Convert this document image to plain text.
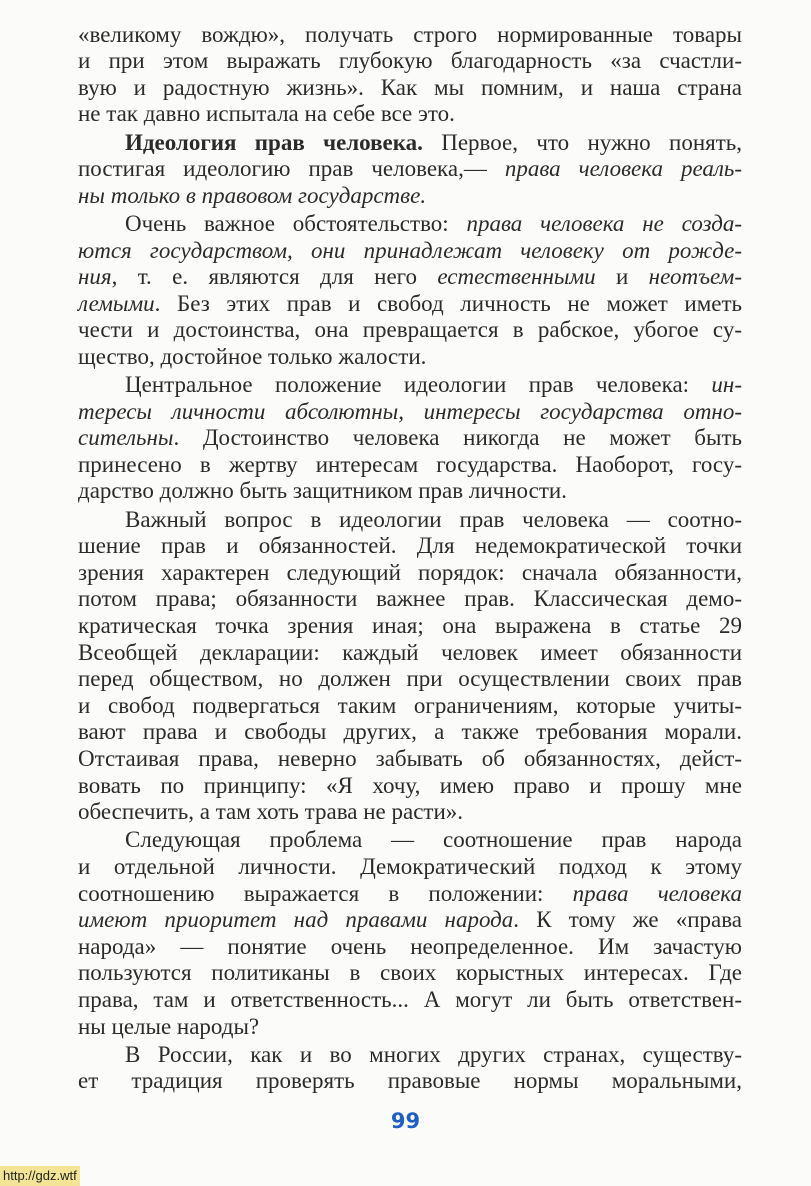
«великому вождю», получать строго нормированные товары
и при этом выражать глубокую благодарность «за счастли-
вую и радостную жизнь». Как мы помним, и наша страна
не так давно испытала на себе все это.
Идеология прав человека. Первое, что нужно понять,
постигая идеологию прав человека,— права человека реаль-
ны только в правовом государстве.
Очень важное обстоятельство: права человека не созда-
ются государством, они принадлежат человеку от рожде-
ния, т. е. являются для него естественными и неотъем-
лемыми. Без этих прав и свобод личность не может иметь
чести и достоинства, она превращается в рабское, убогое су-
щество, достойное только жалости.
Центральное положение идеологии прав человека: ин-
тересы личности абсолютны, интересы государства отно-
сительны. Достоинство человека никогда не может быть
принесено в жертву интересам государства. Наоборот, госу-
дарство должно быть защитником прав личности.
Важный вопрос в идеологии прав человека — соотно-
шение прав и обязанностей. Для недемократической точки
зрения характерен следующий порядок: сначала обязанности,
потом права; обязанности важнее прав. Классическая демо-
кратическая точка зрения иная; она выражена в статье 29
Всеобщей декларации: каждый человек имеет обязанности
перед обществом, но должен при осуществлении своих прав
и свобод подвергаться таким ограничениям, которые учиты-
вают права и свободы других, а также требования морали.
Отстаивая права, неверно забывать об обязанностях, дейст-
вовать по принципу: «Я хочу, имею право и прошу мне
обеспечить, а там хоть трава не расти».
Следующая проблема — соотношение прав народа
и отдельной личности. Демократический подход к этому
соотношению выражается в положении: права человека
имеют приоритет над правами народа. К тому же «права
народа» — понятие очень неопределенное. Им зачастую
пользуются политиканы в своих корыстных интересах. Где
права, там и ответственность... А могут ли быть ответствен-
ны целые народы?
В России, как и во многих других странах, существу-
ет традиция проверять правовые нормы моральными,
99
http://gdz.wtf
